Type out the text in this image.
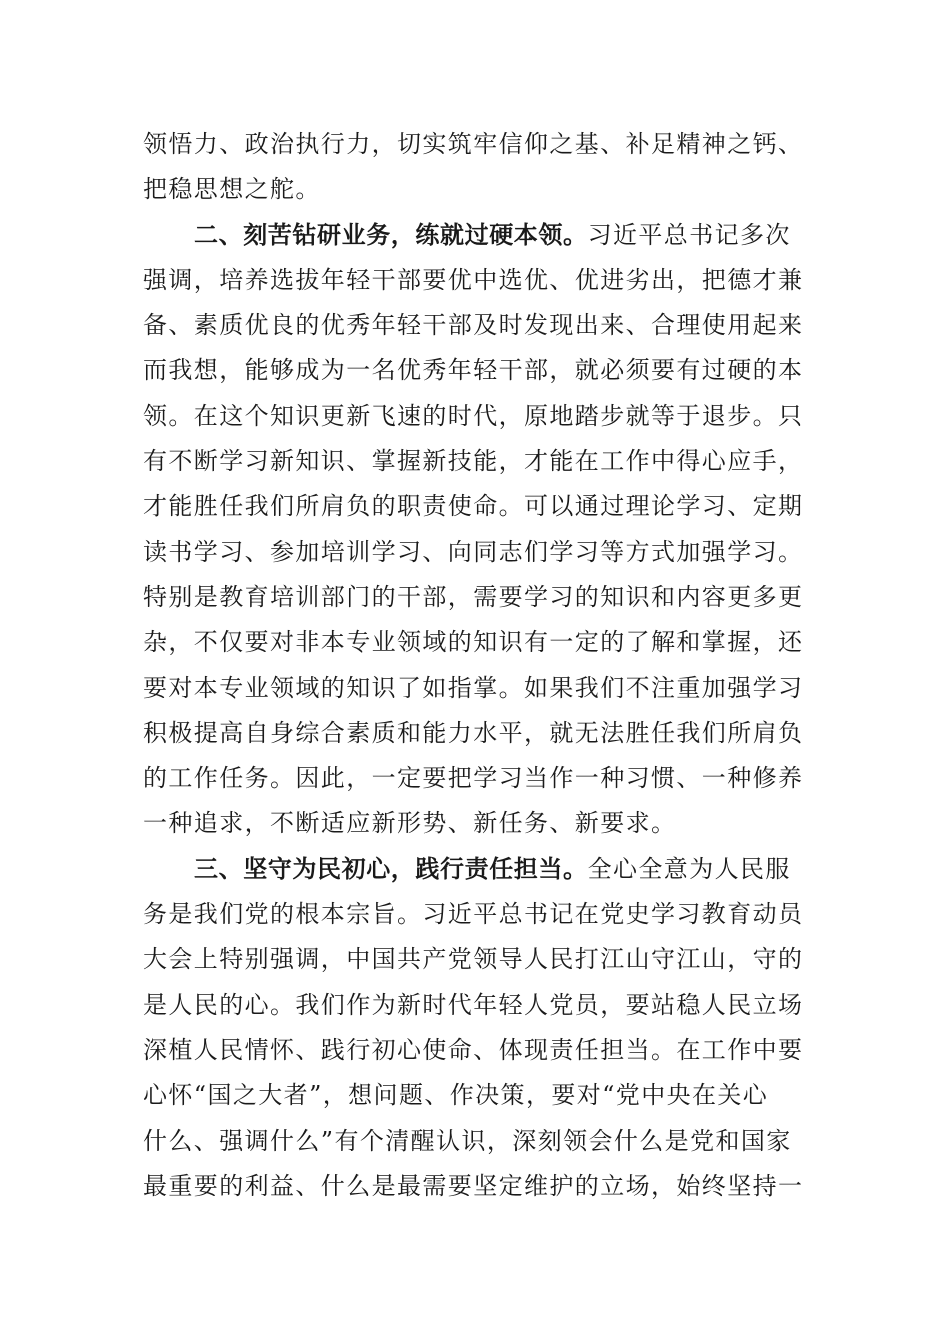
领悟力、政治执行力，切实筑牢信仰之基、补足精神之钙、
把稳思想之舵。
二、刻苦钻研业务，练就过硬本领。习近平总书记多次
强调，培养选拔年轻干部要优中选优、优进劣出，把德才兼
备、素质优良的优秀年轻干部及时发现出来、合理使用起来
而我想，能够成为一名优秀年轻干部，就必须要有过硬的本
领。在这个知识更新飞速的时代，原地踏步就等于退步。只
有不断学习新知识、掌握新技能，才能在工作中得心应手，
才能胜任我们所肩负的职责使命。可以通过理论学习、定期
读书学习、参加培训学习、向同志们学习等方式加强学习。
特别是教育培训部门的干部，需要学习的知识和内容更多更
杂，不仅要对非本专业领域的知识有一定的了解和掌握，还
要对本专业领域的知识了如指掌。如果我们不注重加强学习
积极提高自身综合素质和能力水平，就无法胜任我们所肩负
的工作任务。因此，一定要把学习当作一种习惯、一种修养
一种追求，不断适应新形势、新任务、新要求。
三、坚守为民初心，践行责任担当。全心全意为人民服
务是我们党的根本宗旨。习近平总书记在党史学习教育动员
大会上特别强调，中国共产党领导人民打江山守江山，守的
是人民的心。我们作为新时代年轻人党员，要站稳人民立场
深植人民情怀、践行初心使命、体现责任担当。在工作中要
心怀“国之大者”，想问题、作决策，要对“党中央在关心
什么、强调什么”有个清醒认识，深刻领会什么是党和国家
最重要的利益、什么是最需要坚定维护的立场，始终坚持一
